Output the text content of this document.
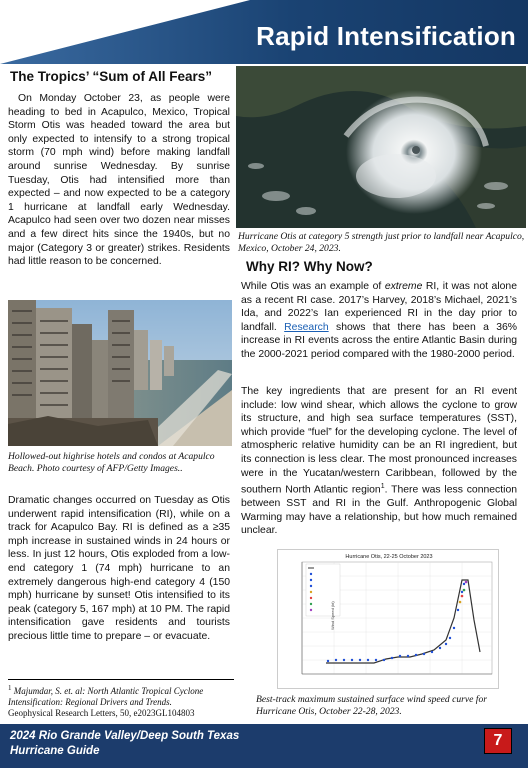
Rapid Intensification
The Tropics’ “Sum of All Fears”

On Monday October 23, as people were heading to bed in Acapulco, Mexico, Tropical Storm Otis was headed toward the area but only expected to intensify to a strong tropical storm (70 mph wind) before making landfall around sunrise Wednesday. By sunrise Tuesday, Otis had intensified more than expected – and now expected to be a category 1 hurricane at landfall early Wednesday. Acapulco had seen over two dozen near misses and a few direct hits since the 1940s, but no major (Category 3 or greater) strikes. Residents had little reason to be concerned.

Hollowed-out highrise hotels and condos at Acapulco Beach. Photo courtesy of AFP/Getty Images..

Dramatic changes occurred on Tuesday as Otis underwent rapid intensification (RI), while on a track for Acapulco Bay. RI is defined as a ≥35 mph increase in sustained winds in 24 hours or less. In just 12 hours, Otis exploded from a low-end category 1 (74 mph) hurricane to an extremely dangerous high-end category 4 (150 mph) hurricane by sunset! Otis intensified to its peak (category 5, 167 mph) at 10 PM. The rapid intensification gave residents and tourists precious little time to prepare – or evacuate.

$^1$ Majumdar, S. et. al: North Atlantic Tropical Cyclone Intensification: Regional Drivers and Trends.
Geophysical Research Letters, 50, e2023GL104803
Hurricane Otis at category 5 strength just prior to landfall near Acapulco, Mexico, October 24, 2023.
Why RI? Why Now?

While Otis was an example of extreme RI, it was not alone as a recent RI case. 2017’s Harvey, 2018’s Michael, 2021’s Ida, and 2022’s Ian experienced RI in the day prior to landfall. Research shows that there has been a 36% increase in RI events across the entire Atlantic Basin during the 2000-2021 period compared with the 1980-2000 period.

The key ingredients that are present for an RI event include: low wind shear, which allows the cyclone to grow its structure, and high sea surface temperatures (SST), which provide “fuel” for the developing cyclone. The level of atmospheric relative humidity can be an RI ingredient, but its connection is less clear. The most pronounced increases were in the Yucatan/western Caribbean, followed by the southern North Atlantic region$^1$. There was less connection between SST and RI in the Gulf. Anthropogenic Global Warming may have a relationship, but how much remained unclear.

Hurricane Otis, 22-25 October 2023
Wind Speed (kt)
Best-track maximum sustained surface wind speed curve for Hurricane Otis, October 22-28, 2023.
2024 Rio Grande Valley/Deep South Texas
Hurricane Guide
7
